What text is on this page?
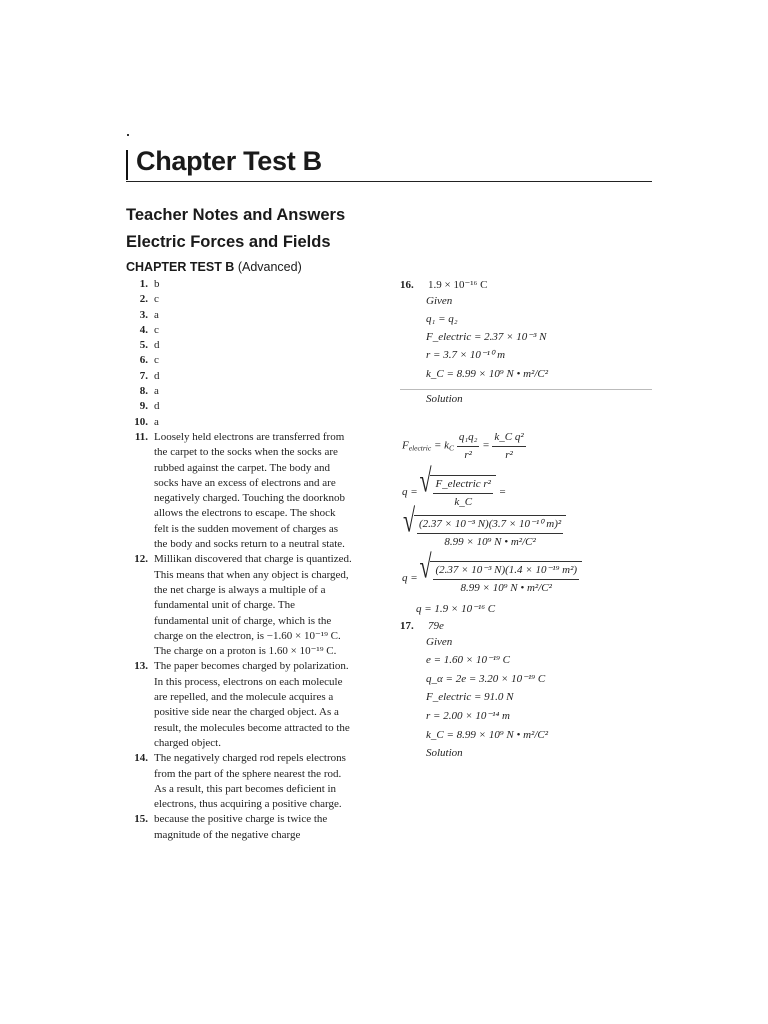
Chapter Test B
Teacher Notes and Answers
Electric Forces and Fields

CHAPTER TEST B (Advanced)

1. b
2. c
3. a
4. c
5. d
6. c
7. d
8. a
9. d
10. a
11. Loosely held electrons are transferred from
the carpet to the socks when the socks are
rubbed against the carpet. The body and
socks have an excess of electrons and are
negatively charged. Touching the doorknob
allows the electrons to escape. The shock
felt is the sudden movement of charges as
the body and socks return to a neutral state.
12. Millikan discovered that charge is quantized.
This means that when any object is charged,
the net charge is always a multiple of a
fundamental unit of charge. The
fundamental unit of charge, which is the
charge on the electron, is −1.60 × 10⁻¹⁹ C.
The charge on a proton is 1.60 × 10⁻¹⁹ C.
13. The paper becomes charged by polarization.
In this process, electrons on each molecule
are repelled, and the molecule acquires a
positive side near the charged object. As a
result, the molecules become attracted to the
charged object.
14. The negatively charged rod repels electrons
from the part of the sphere nearest the rod.
As a result, this part becomes deficient in
electrons, thus acquiring a positive charge.
15. because the positive charge is twice the
magnitude of the negative charge
16. 1.9 × 10⁻¹⁶ C
Given
q₁ = q₂
F_electric = 2.37 × 10⁻³ N
r = 3.7 × 10⁻¹⁰ m
k_C = 8.99 × 10⁹ N • m²/C²
Solution
Felectric = kC $\frac{\text{q₁q₂}}{\text{r²}} = \frac{\text{k\_C q²}}{\text{r²}}$
q = √ $\frac{\text{F\_electric r²}}{k\_C}$ =
√ $\frac{\text{(2.37 × 10⁻³ N)(3.7 × 10⁻¹⁰ m)²}}{\text{8.99 × 10⁹ N • m²/C²}}$
q = √ $\frac{\text{(2.37 × 10⁻³ N)(1.4 × 10⁻¹⁹ m²)}}{\text{8.99 × 10⁹ N • m²/C²}}$
q = 1.9 × 10⁻¹⁶ C
17. 79e
Given
e = 1.60 × 10⁻¹⁹ C
q_α = 2e = 3.20 × 10⁻¹⁹ C
F_electric = 91.0 N
r = 2.00 × 10⁻¹⁴ m
k_C = 8.99 × 10⁹ N • m²/C²
Solution
